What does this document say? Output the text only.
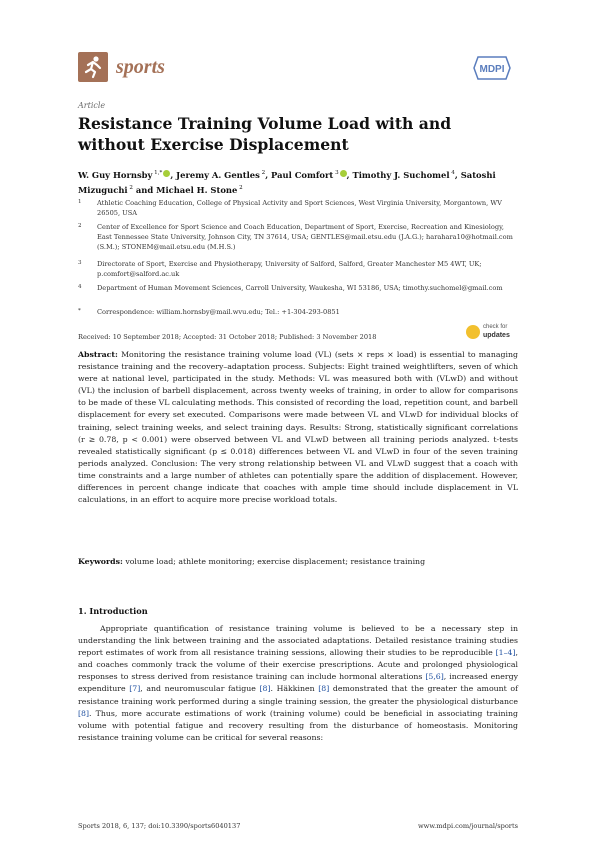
sports	MDPI
Article
Resistance Training Volume Load with and without Exercise Displacement
W. Guy Hornsby $^{1,*}$ , Jeremy A. Gentles $^2$, Paul Comfort $^3$ , Timothy J. Suchomel $^4$, Satoshi Mizuguchi $^2$ and Michael H. Stone $^2$
1 Athletic Coaching Education, College of Physical Activity and Sport Sciences, West Virginia University, Morgantown, WV 26505, USA
2 Center of Excellence for Sport Science and Coach Education, Department of Sport, Exercise, Recreation and Kinesiology, East Tennessee State University, Johnson City, TN 37614, USA; GENTLES@mail.etsu.edu (J.A.G.); harahara10@hotmail.com (S.M.); STONEM@mail.etsu.edu (M.H.S.)
3 Directorate of Sport, Exercise and Physiotherapy, University of Salford, Salford, Greater Manchester M5 4WT, UK; p.comfort@salford.ac.uk
4 Department of Human Movement Sciences, Carroll University, Waukesha, WI 53186, USA; timothy.suchomel@gmail.com
* Correspondence: william.hornsby@mail.wvu.edu; Tel.: +1-304-293-0851
Received: 10 September 2018; Accepted: 31 October 2018; Published: 3 November 2018
check for
updates
Abstract: Monitoring the resistance training volume load (VL) (sets × reps × load) is essential to managing resistance training and the recovery–adaptation process. Subjects: Eight trained weightlifters, seven of which were at national level, participated in the study. Methods: VL was measured both with (VLwD) and without (VL) the inclusion of barbell displacement, across twenty weeks of training, in order to allow for comparisons to be made of these VL calculating methods. This consisted of recording the load, repetition count, and barbell displacement for every set executed. Comparisons were made between VL and VLwD for individual blocks of training, select training weeks, and select training days. Results: Strong, statistically significant correlations (r ≥ 0.78, p < 0.001) were observed between VL and VLwD between all training periods analyzed. t-tests revealed statistically significant (p ≤ 0.018) differences between VL and VLwD in four of the seven training periods analyzed. Conclusion: The very strong relationship between VL and VLwD suggest that a coach with time constraints and a large number of athletes can potentially spare the addition of displacement. However, differences in percent change indicate that coaches with ample time should include displacement in VL calculations, in an effort to acquire more precise workload totals.
Keywords: volume load; athlete monitoring; exercise displacement; resistance training
1. Introduction
Appropriate quantification of resistance training volume is believed to be a necessary step in understanding the link between training and the associated adaptations. Detailed resistance training studies report estimates of work from all resistance training sessions, allowing their studies to be reproducible [1–4], and coaches commonly track the volume of their exercise prescriptions. Acute and prolonged physiological responses to stress derived from resistance training can include hormonal alterations [5,6], increased energy expenditure [7], and neuromuscular fatigue [8]. Häkkinen [8] demonstrated that the greater the amount of resistance training work performed during a single training session, the greater the physiological disturbance [8]. Thus, more accurate estimations of work (training volume) could be beneficial in associating training volume with potential fatigue and recovery resulting from the disturbance of homeostasis. Monitoring resistance training volume can be critical for several reasons:
Sports 2018, 6, 137; doi:10.3390/sports6040137	www.mdpi.com/journal/sports
